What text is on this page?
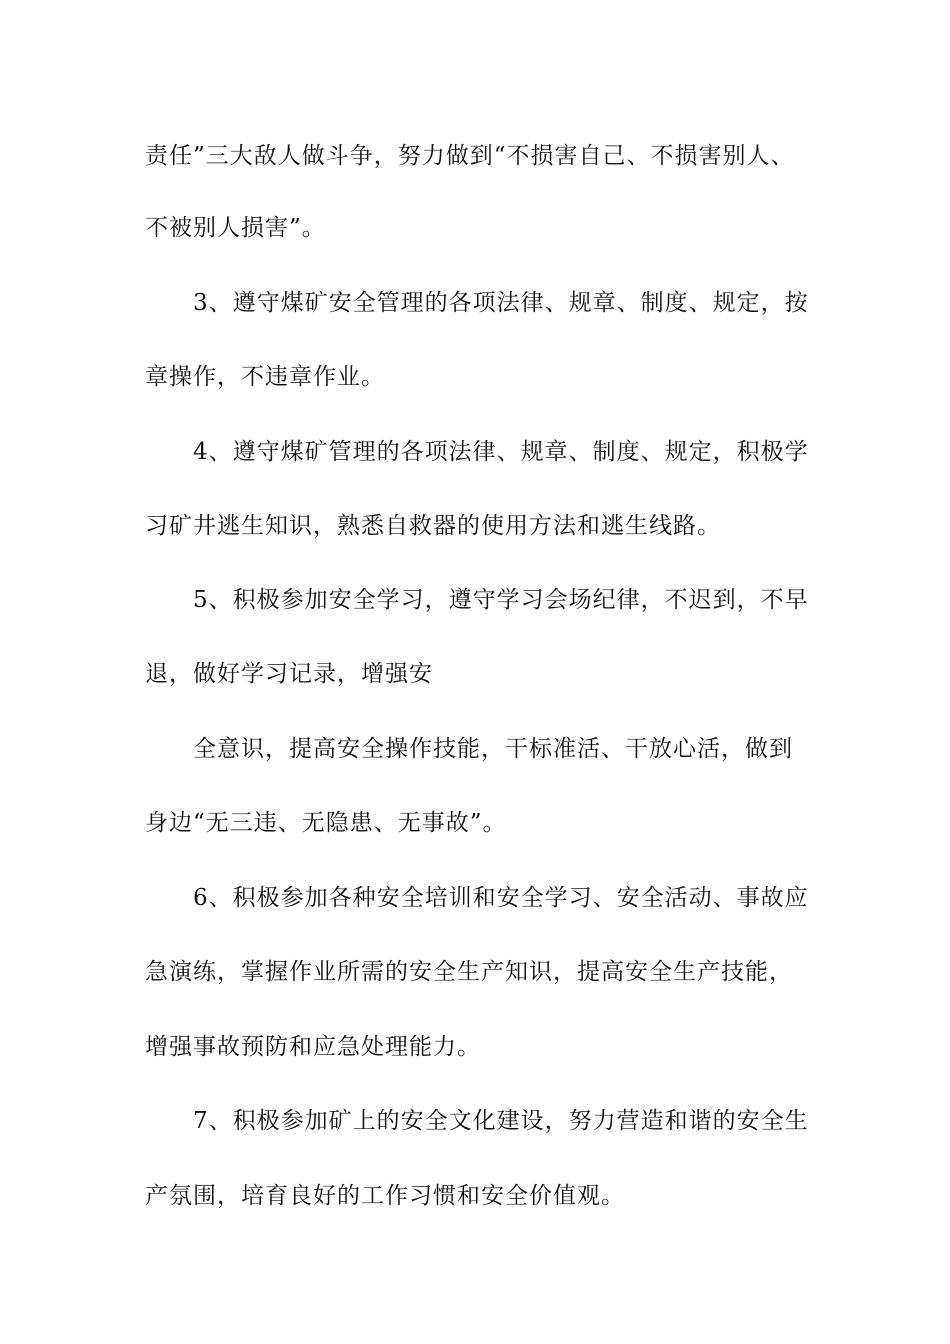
责任”三大敌人做斗争，努力做到“不损害自己、不损害别人、
不被别人损害”。
3、遵守煤矿安全管理的各项法律、规章、制度、规定，按
章操作，不违章作业。
4、遵守煤矿管理的各项法律、规章、制度、规定，积极学
习矿井逃生知识，熟悉自救器的使用方法和逃生线路。
5、积极参加安全学习，遵守学习会场纪律，不迟到，不早
退，做好学习记录，增强安
全意识，提高安全操作技能，干标准活、干放心活，做到
身边“无三违、无隐患、无事故”。
6、积极参加各种安全培训和安全学习、安全活动、事故应
急演练，掌握作业所需的安全生产知识，提高安全生产技能，
增强事故预防和应急处理能力。
7、积极参加矿上的安全文化建设，努力营造和谐的安全生
产氛围，培育良好的工作习惯和安全价值观。
